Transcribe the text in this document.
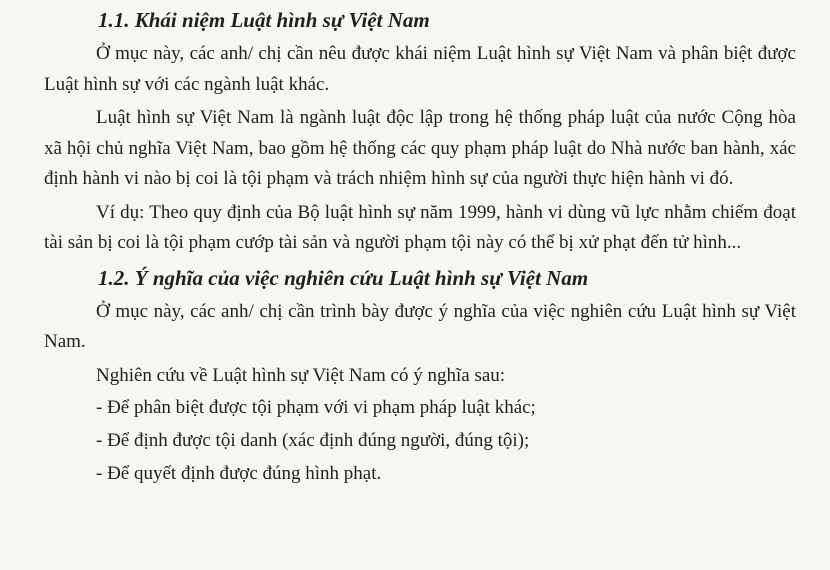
1.1. Khái niệm Luật hình sự Việt Nam

Ở mục này, các anh/ chị cần nêu được khái niệm Luật hình sự Việt Nam và phân biệt được Luật hình sự với các ngành luật khác.

Luật hình sự Việt Nam là ngành luật độc lập trong hệ thống pháp luật của nước Cộng hòa xã hội chủ nghĩa Việt Nam, bao gồm hệ thống các quy phạm pháp luật do Nhà nước ban hành, xác định hành vi nào bị coi là tội phạm và trách nhiệm hình sự của người thực hiện hành vi đó.

Ví dụ: Theo quy định của Bộ luật hình sự năm 1999, hành vi dùng vũ lực nhằm chiếm đoạt tài sản bị coi là tội phạm cướp tài sản và người phạm tội này có thể bị xử phạt đến tử hình...

1.2. Ý nghĩa của việc nghiên cứu Luật hình sự Việt Nam

Ở mục này, các anh/ chị cần trình bày được ý nghĩa của việc nghiên cứu Luật hình sự Việt Nam.

Nghiên cứu về Luật hình sự Việt Nam có ý nghĩa sau:

- Để phân biệt được tội phạm với vi phạm pháp luật khác;
- Để định được tội danh (xác định đúng người, đúng tội);
- Để quyết định được đúng hình phạt.
